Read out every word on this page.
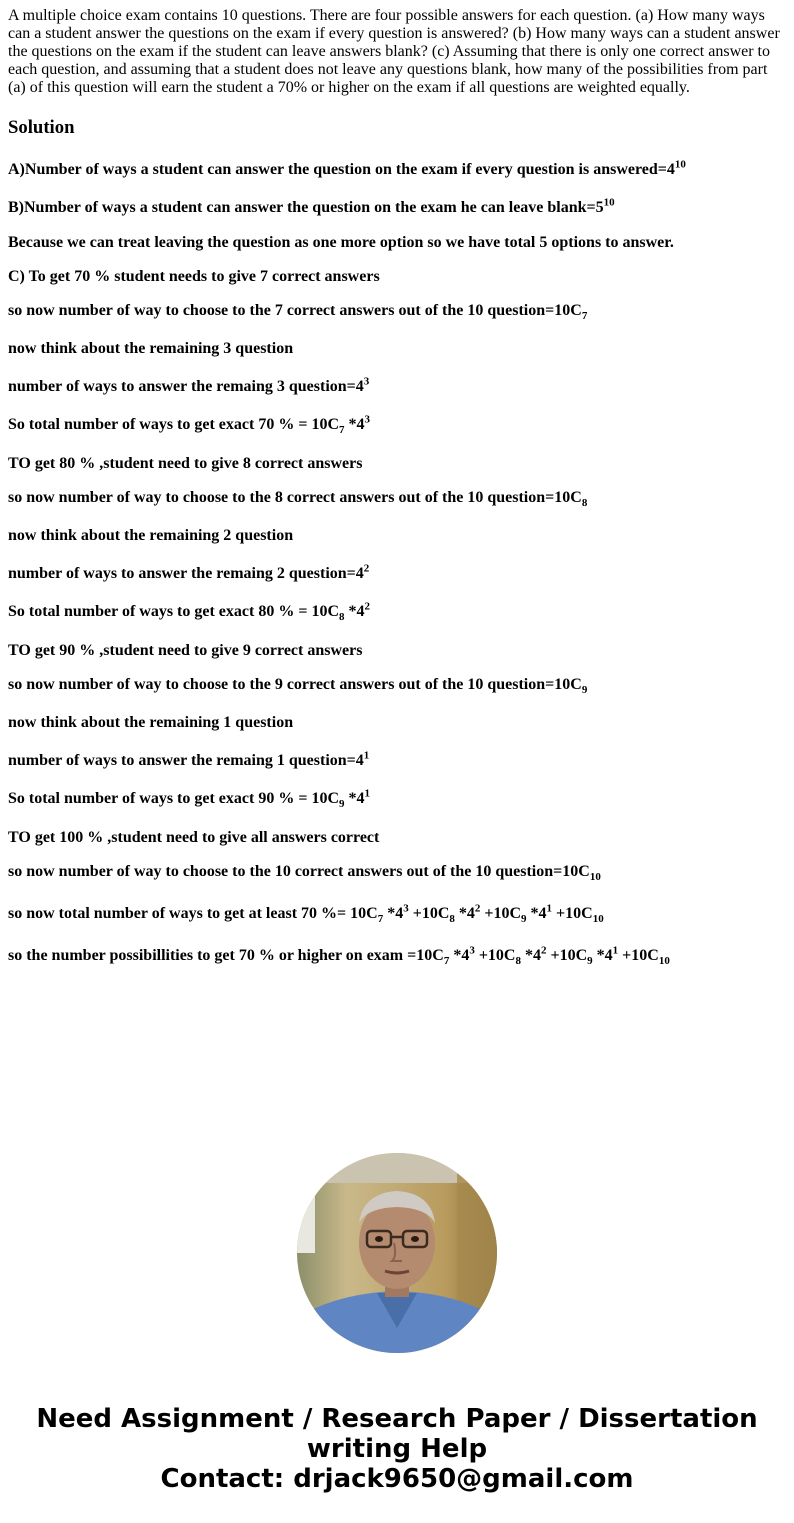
A multiple choice exam contains 10 questions. There are four possible answers for each question. (a) How many ways can a student answer the questions on the exam if every question is answered? (b) How many ways can a student answer the questions on the exam if the student can leave answers blank? (c) Assuming that there is only one correct answer to each question, and assuming that a student does not leave any questions blank, how many of the possibilities from part (a) of this question will earn the student a 70% or higher on the exam if all questions are weighted equally.

Solution

A)Number of ways a student can answer the question on the exam if every question is $answered=4^{10}$

B)Number of ways a student can answer the question on the exam he can leave $blank=5^{10}$

Because we can treat leaving the question as one more option so we have total 5 options to answer.

C) To get 70 % student needs to give 7 correct answers

so now number of way to choose to the 7 correct answers out of the 10 $question=10C_7$

now think about the remaining 3 question

number of ways to answer the remaing 3 $question=4^3$

So total number of ways to get exact 70 % = $10C_7$ $*4^3$

TO get 80 % ,student need to give 8 correct answers

so now number of way to choose to the 8 correct answers out of the 10 $question=10C_8$

now think about the remaining 2 question

number of ways to answer the remaing 2 $question=4^2$

So total number of ways to get exact 80 % = $10C_8$ $*4^2$

TO get 90 % ,student need to give 9 correct answers

so now number of way to choose to the 9 correct answers out of the 10 $question=10C_9$

now think about the remaining 1 question

number of ways to answer the remaing 1 $question=4^1$

So total number of ways to get exact 90 % = $10C_9$ $*4^1$

TO get 100 % ,student need to give all answers correct

so now number of way to choose to the 10 correct answers out of the 10 $question=10C_{10}$

so now total number of ways to get at least 70 %= $10C_7$ $*4^3 +10C_8$ $*4^2 +10C_9$ $*4^1 +10C_{10}$

so the number possibillities to get 70 % or higher on exam $=10C_7$ $*4^3 +10C_8$ $*4^2 +10C_9$ $*4^1 +10C_{10}$

Need Assignment / Research Paper / Dissertation
writing Help
Contact: drjack9650@gmail.com
